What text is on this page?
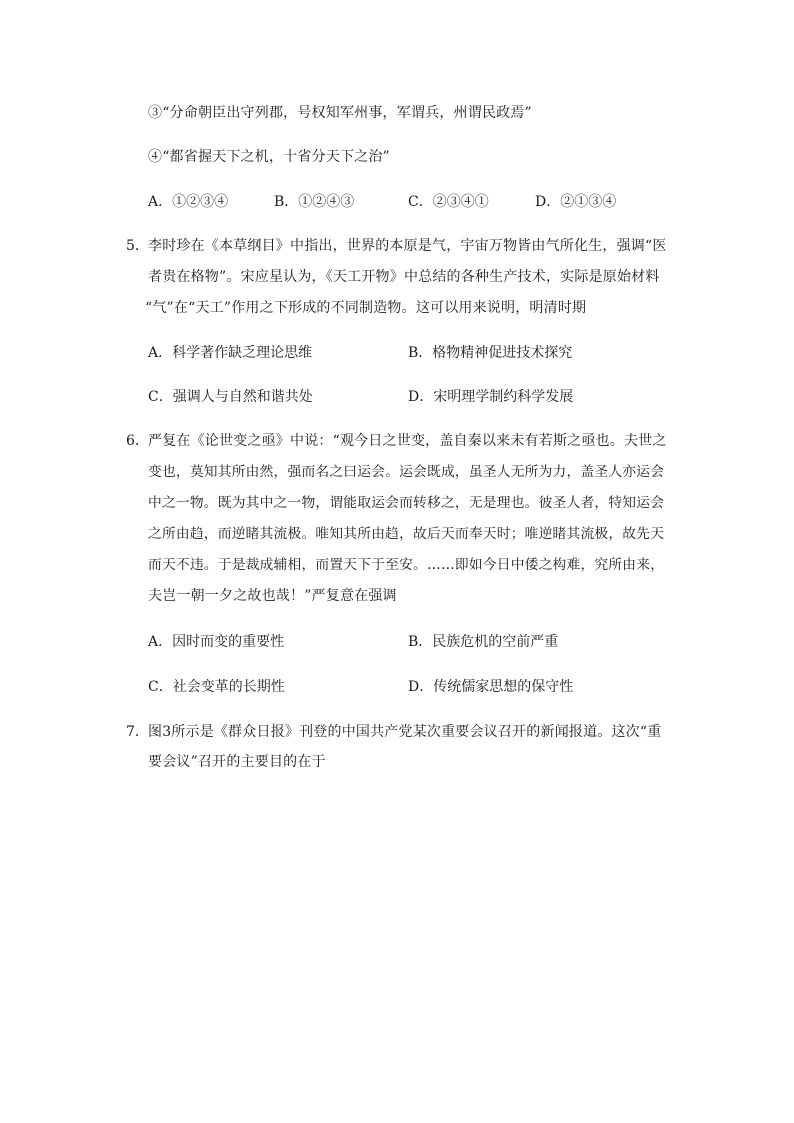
③“分命朝臣出守列郡，号权知军州事，军谓兵，州谓民政焉”
④“都省握天下之机，十省分天下之治”
A．①②③④	B．①②④③	C．②③④①	D．②①③④
5． 李时珍在《本草纲目》中指出，世界的本原是气，宇宙万物皆由气所化生，强调“医
者贵在格物”。宋应星认为，《天工开物》中总结的各种生产技术，实际是原始材料
“气”在“天工”作用之下形成的不同制造物。这可以用来说明，明清时期
A．科学著作缺乏理论思维	B．格物精神促进技术探究
C．强调人与自然和谐共处	D．宋明理学制约科学发展
6． 严复在《论世变之亟》中说：“观今日之世变，盖自秦以来未有若斯之亟也。夫世之
变也，莫知其所由然，强而名之曰运会。运会既成，虽圣人无所为力，盖圣人亦运会
中之一物。既为其中之一物，谓能取运会而转移之，无是理也。彼圣人者，特知运会
之所由趋，而逆睹其流极。唯知其所由趋，故后天而奉天时；唯逆睹其流极，故先天
而天不违。于是裁成辅相，而置天下于至安。……即如今日中倭之构难，究所由来，
夫岂一朝一夕之故也哉！”严复意在强调
A．因时而变的重要性	B．民族危机的空前严重
C．社会变革的长期性	D．传统儒家思想的保守性
7． 图3所示是《群众日报》刊登的中国共产党某次重要会议召开的新闻报道。这次“重
要会议”召开的主要目的在于
